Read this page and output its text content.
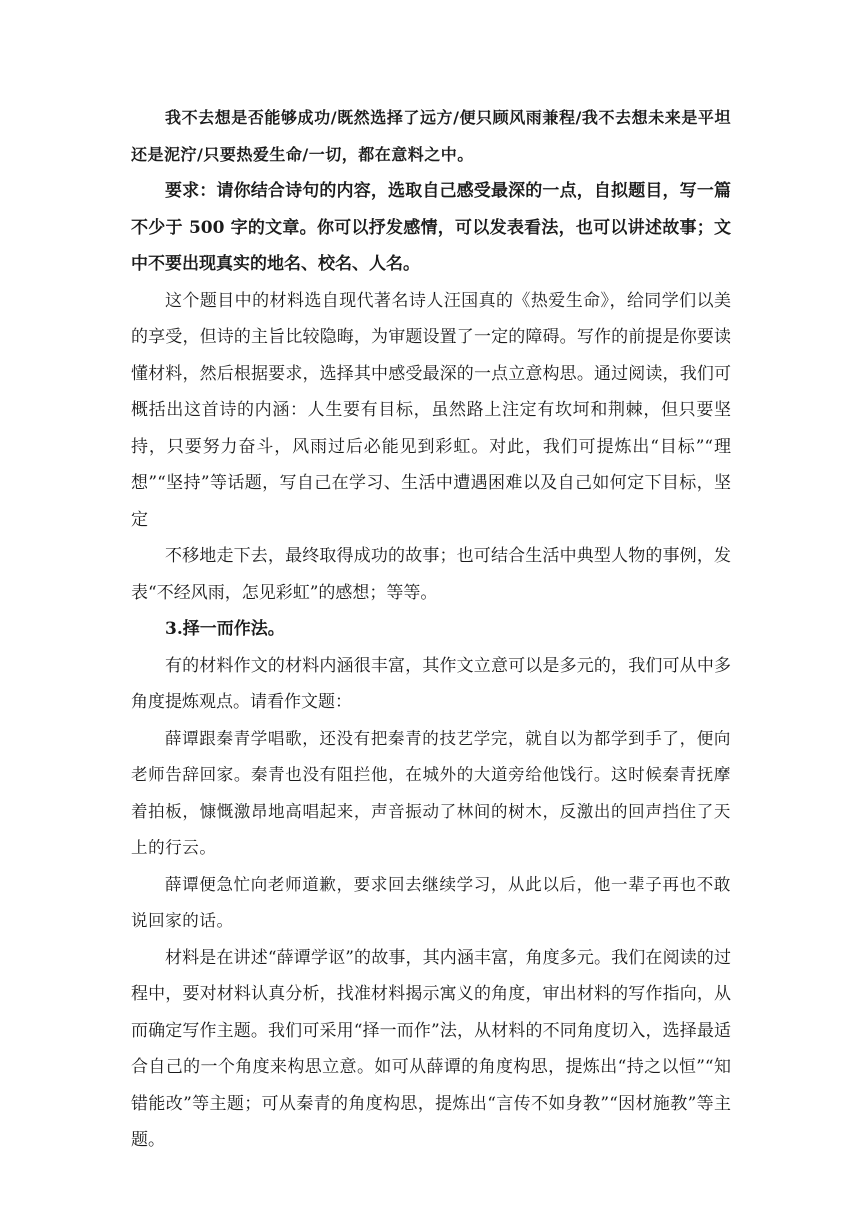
我不去想是否能够成功/既然选择了远方/便只顾风雨兼程/我不去想未来是平坦还是泥泞/只要热爱生命/一切，都在意料之中。

要求：请你结合诗句的内容，选取自己感受最深的一点，自拟题目，写一篇不少于 500 字的文章。你可以抒发感情，可以发表看法，也可以讲述故事；文中不要出现真实的地名、校名、人名。

这个题目中的材料选自现代著名诗人汪国真的《热爱生命》，给同学们以美的享受，但诗的主旨比较隐晦，为审题设置了一定的障碍。写作的前提是你要读懂材料，然后根据要求，选择其中感受最深的一点立意构思。通过阅读，我们可概括出这首诗的内涵：人生要有目标，虽然路上注定有坎坷和荆棘，但只要坚持，只要努力奋斗，风雨过后必能见到彩虹。对此，我们可提炼出“目标”“理想”“坚持”等话题，写自己在学习、生活中遭遇困难以及自己如何定下目标，坚定

不移地走下去，最终取得成功的故事；也可结合生活中典型人物的事例，发表“不经风雨，怎见彩虹”的感想；等等。

3.择一而作法。

有的材料作文的材料内涵很丰富，其作文立意可以是多元的，我们可从中多角度提炼观点。请看作文题：

薛谭跟秦青学唱歌，还没有把秦青的技艺学完，就自以为都学到手了，便向老师告辞回家。秦青也没有阻拦他，在城外的大道旁给他饯行。这时候秦青抚摩着拍板，慷慨激昂地高唱起来，声音振动了林间的树木，反激出的回声挡住了天上的行云。

薛谭便急忙向老师道歉，要求回去继续学习，从此以后，他一辈子再也不敢说回家的话。

材料是在讲述“薛谭学讴”的故事，其内涵丰富，角度多元。我们在阅读的过程中，要对材料认真分析，找准材料揭示寓义的角度，审出材料的写作指向，从而确定写作主题。我们可采用“择一而作”法，从材料的不同角度切入，选择最适合自己的一个角度来构思立意。如可从薛谭的角度构思，提炼出“持之以恒”“知错能改”等主题；可从秦青的角度构思，提炼出“言传不如身教”“因材施教”等主题。
